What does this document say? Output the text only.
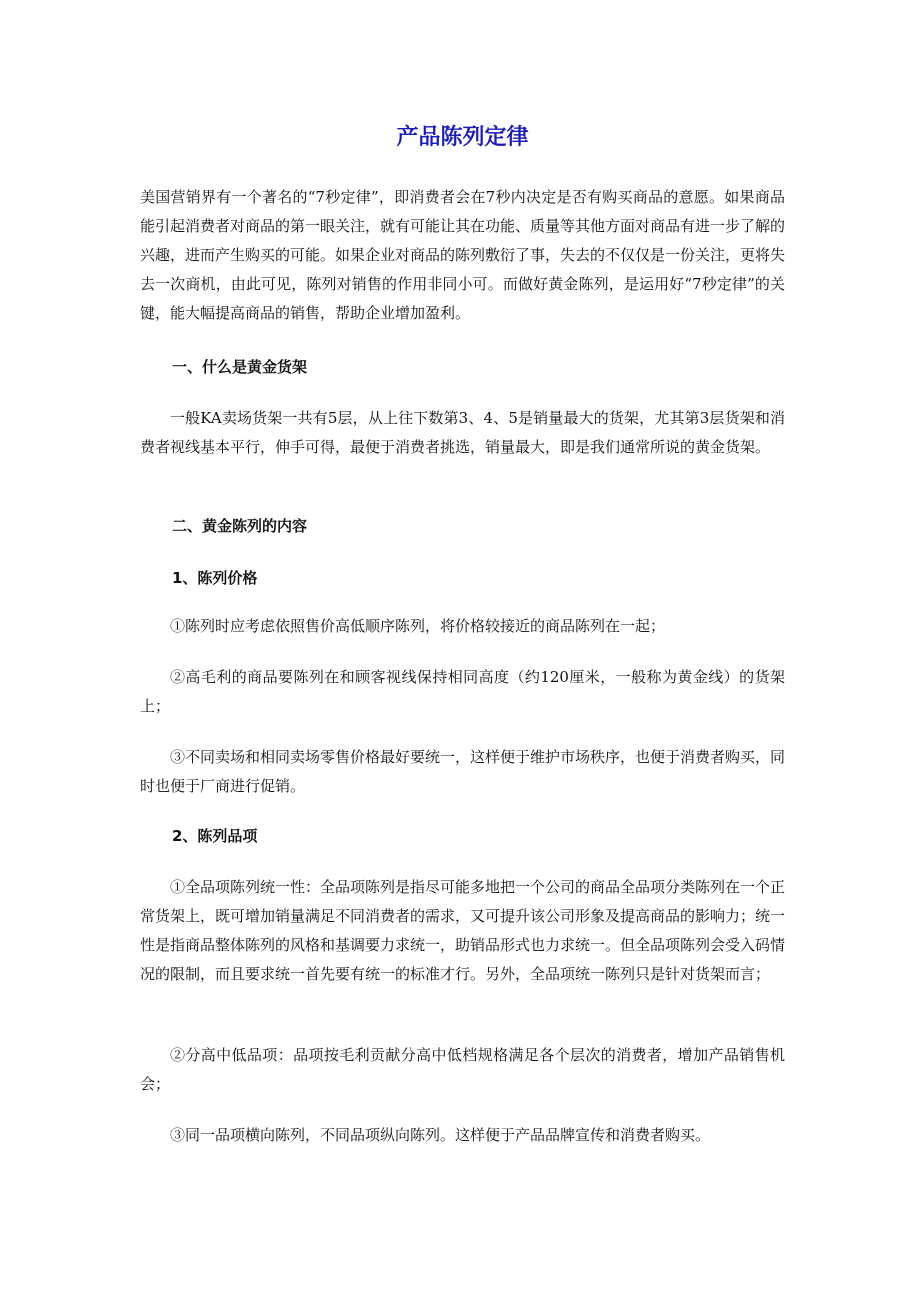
产品陈列定律
美国营销界有一个著名的“7秒定律”，即消费者会在7秒内决定是否有购买商品的意愿。如果商品能引起消费者对商品的第一眼关注，就有可能让其在功能、质量等其他方面对商品有进一步了解的兴趣，进而产生购买的可能。如果企业对商品的陈列敷衍了事，失去的不仅仅是一份关注，更将失去一次商机，由此可见，陈列对销售的作用非同小可。而做好黄金陈列，是运用好“7秒定律”的关键，能大幅提高商品的销售，帮助企业增加盈利。
一、什么是黄金货架
一般KA卖场货架一共有5层，从上往下数第3、4、5是销量最大的货架，尤其第3层货架和消费者视线基本平行，伸手可得，最便于消费者挑选，销量最大，即是我们通常所说的黄金货架。
二、黄金陈列的内容
1、陈列价格
①陈列时应考虑依照售价高低顺序陈列，将价格较接近的商品陈列在一起；
②高毛利的商品要陈列在和顾客视线保持相同高度（约120厘米，一般称为黄金线）的货架上；
③不同卖场和相同卖场零售价格最好要统一，这样便于维护市场秩序，也便于消费者购买，同时也便于厂商进行促销。
2、陈列品项
①全品项陈列统一性：全品项陈列是指尽可能多地把一个公司的商品全品项分类陈列在一个正常货架上，既可增加销量满足不同消费者的需求，又可提升该公司形象及提高商品的影响力；统一性是指商品整体陈列的风格和基调要力求统一，助销品形式也力求统一。但全品项陈列会受入码情况的限制，而且要求统一首先要有统一的标准才行。另外，全品项统一陈列只是针对货架而言；
②分高中低品项：品项按毛利贡献分高中低档规格满足各个层次的消费者，增加产品销售机会；
③同一品项横向陈列，不同品项纵向陈列。这样便于产品品牌宣传和消费者购买。
